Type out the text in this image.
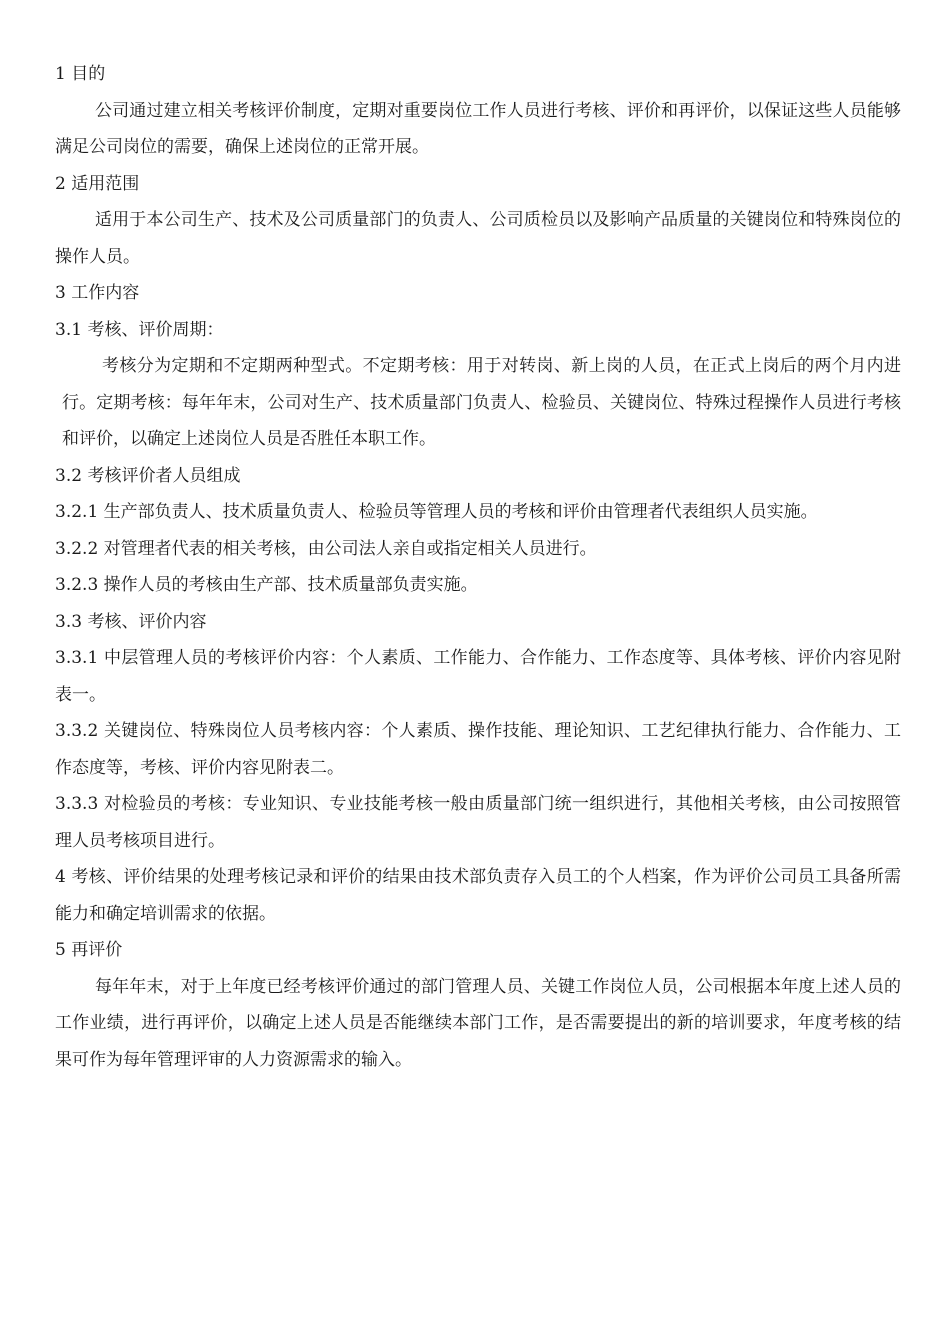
1 目的

公司通过建立相关考核评价制度，定期对重要岗位工作人员进行考核、评价和再评价，以保证这些人员能够满足公司岗位的需要，确保上述岗位的正常开展。

2 适用范围

适用于本公司生产、技术及公司质量部门的负责人、公司质检员以及影响产品质量的关键岗位和特殊岗位的操作人员。

3 工作内容

3.1 考核、评价周期：

考核分为定期和不定期两种型式。不定期考核：用于对转岗、新上岗的人员，在正式上岗后的两个月内进行。定期考核：每年年末，公司对生产、技术质量部门负责人、检验员、关键岗位、特殊过程操作人员进行考核和评价，以确定上述岗位人员是否胜任本职工作。

3.2 考核评价者人员组成

3.2.1 生产部负责人、技术质量负责人、检验员等管理人员的考核和评价由管理者代表组织人员实施。

3.2.2 对管理者代表的相关考核，由公司法人亲自或指定相关人员进行。

3.2.3 操作人员的考核由生产部、技术质量部负责实施。

3.3 考核、评价内容

3.3.1 中层管理人员的考核评价内容：个人素质、工作能力、合作能力、工作态度等、具体考核、评价内容见附表一。

3.3.2 关键岗位、特殊岗位人员考核内容：个人素质、操作技能、理论知识、工艺纪律执行能力、合作能力、工作态度等，考核、评价内容见附表二。

3.3.3 对检验员的考核：专业知识、专业技能考核一般由质量部门统一组织进行，其他相关考核，由公司按照管理人员考核项目进行。

4 考核、评价结果的处理考核记录和评价的结果由技术部负责存入员工的个人档案，作为评价公司员工具备所需能力和确定培训需求的依据。

5 再评价

每年年末，对于上年度已经考核评价通过的部门管理人员、关键工作岗位人员，公司根据本年度上述人员的工作业绩，进行再评价，以确定上述人员是否能继续本部门工作，是否需要提出的新的培训要求，年度考核的结果可作为每年管理评审的人力资源需求的输入。
